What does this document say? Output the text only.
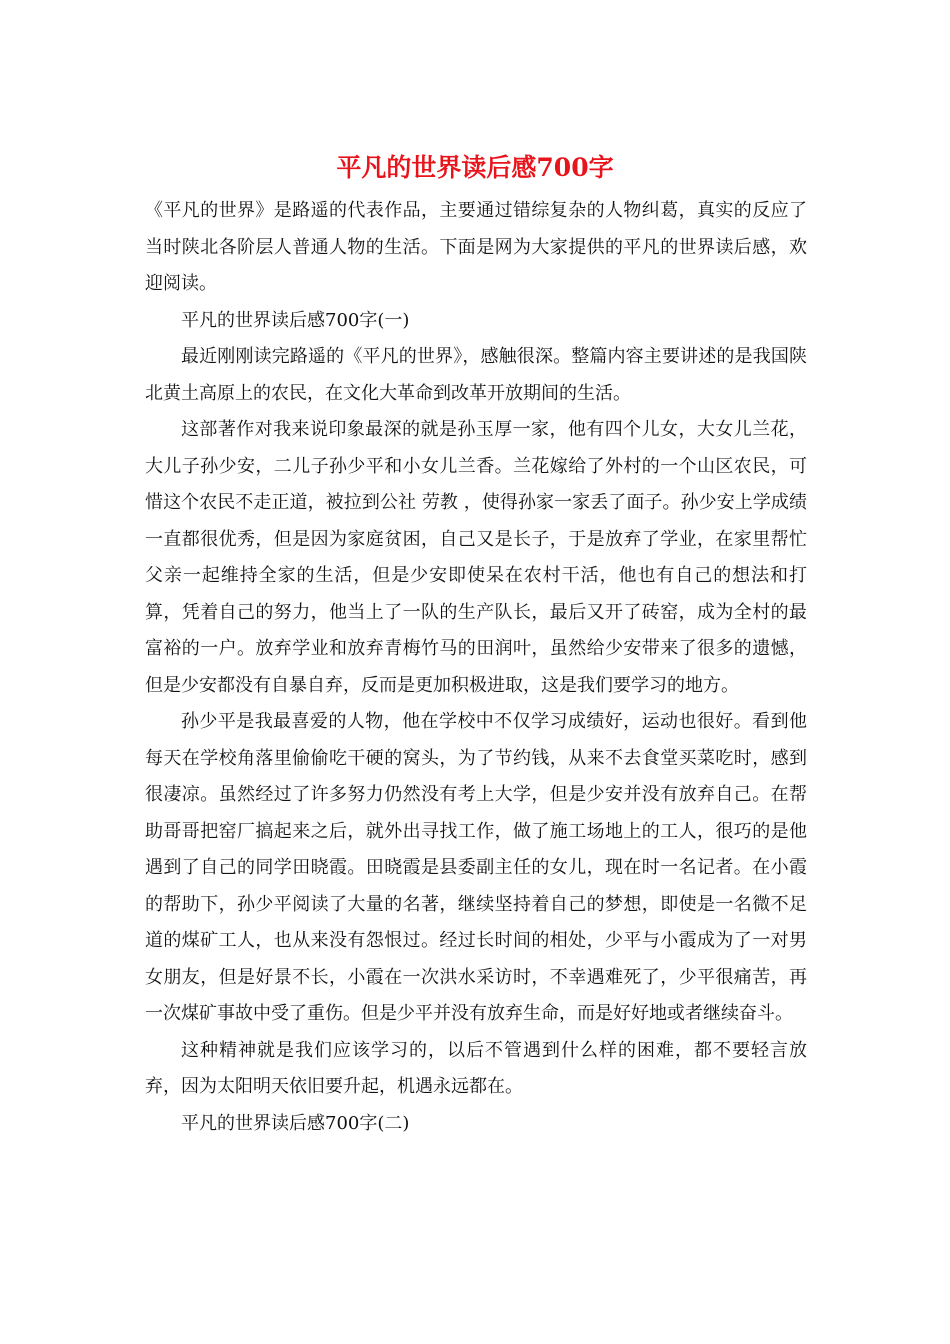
平凡的世界读后感700字

《平凡的世界》是路遥的代表作品，主要通过错综复杂的人物纠葛，真实的反应了当时陕北各阶层人普通人物的生活。下面是网为大家提供的平凡的世界读后感，欢迎阅读。

平凡的世界读后感700字(一)

最近刚刚读完路遥的《平凡的世界》，感触很深。整篇内容主要讲述的是我国陕北黄土高原上的农民，在文化大革命到改革开放期间的生活。

这部著作对我来说印象最深的就是孙玉厚一家，他有四个儿女，大女儿兰花，大儿子孙少安，二儿子孙少平和小女儿兰香。兰花嫁给了外村的一个山区农民，可惜这个农民不走正道，被拉到公社 劳教 ，使得孙家一家丢了面子。孙少安上学成绩一直都很优秀，但是因为家庭贫困，自己又是长子，于是放弃了学业，在家里帮忙父亲一起维持全家的生活，但是少安即使呆在农村干活，他也有自己的想法和打算，凭着自己的努力，他当上了一队的生产队长，最后又开了砖窑，成为全村的最富裕的一户。放弃学业和放弃青梅竹马的田润叶，虽然给少安带来了很多的遗憾，但是少安都没有自暴自弃，反而是更加积极进取，这是我们要学习的地方。

孙少平是我最喜爱的人物，他在学校中不仅学习成绩好，运动也很好。看到他每天在学校角落里偷偷吃干硬的窝头，为了节约钱，从来不去食堂买菜吃时，感到很凄凉。虽然经过了许多努力仍然没有考上大学，但是少安并没有放弃自己。在帮助哥哥把窑厂搞起来之后，就外出寻找工作，做了施工场地上的工人，很巧的是他遇到了自己的同学田晓霞。田晓霞是县委副主任的女儿，现在时一名记者。在小霞的帮助下，孙少平阅读了大量的名著，继续坚持着自己的梦想，即使是一名微不足道的煤矿工人，也从来没有怨恨过。经过长时间的相处，少平与小霞成为了一对男女朋友，但是好景不长，小霞在一次洪水采访时，不幸遇难死了，少平很痛苦，再一次煤矿事故中受了重伤。但是少平并没有放弃生命，而是好好地或者继续奋斗。

这种精神就是我们应该学习的，以后不管遇到什么样的困难，都不要轻言放弃，因为太阳明天依旧要升起，机遇永远都在。

平凡的世界读后感700字(二)
